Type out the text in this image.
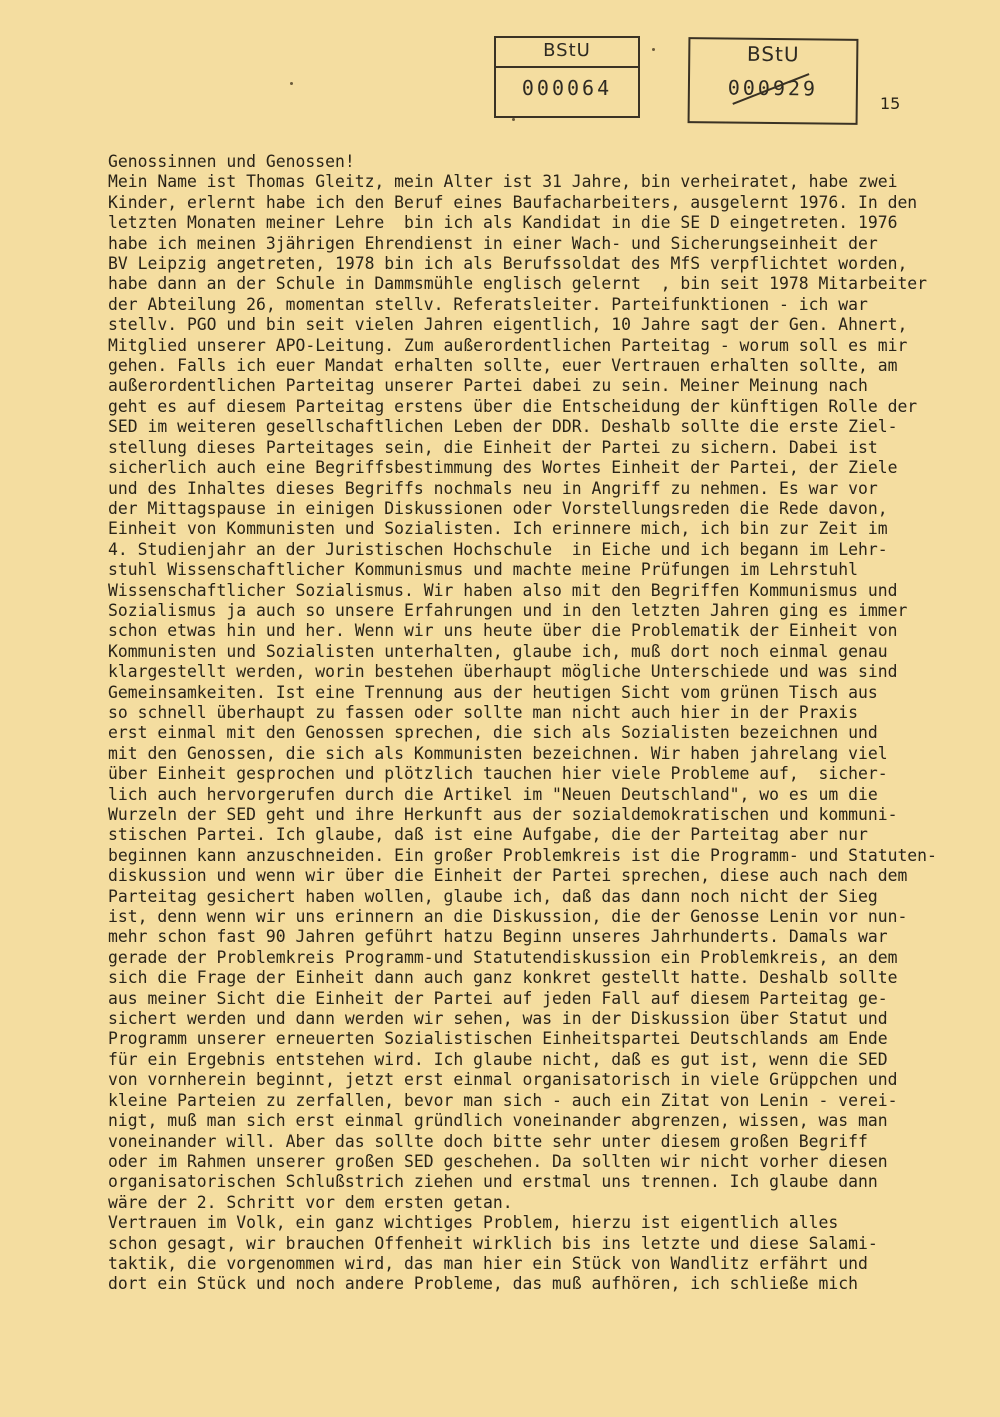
BStU
000064
BStU
000929
15
Genossinnen und Genossen!
Mein Name ist Thomas Gleitz, mein Alter ist 31 Jahre, bin verheiratet, habe zwei
Kinder, erlernt habe ich den Beruf eines Baufacharbeiters, ausgelernt 1976. In den
letzten Monaten meiner Lehre  bin ich als Kandidat in die SE D eingetreten. 1976
habe ich meinen 3jährigen Ehrendienst in einer Wach- und Sicherungseinheit der
BV Leipzig angetreten, 1978 bin ich als Berufssoldat des MfS verpflichtet worden,
habe dann an der Schule in Dammsmühle englisch gelernt  , bin seit 1978 Mitarbeiter
der Abteilung 26, momentan stellv. Referatsleiter. Parteifunktionen - ich war
stellv. PGO und bin seit vielen Jahren eigentlich, 10 Jahre sagt der Gen. Ahnert,
Mitglied unserer APO-Leitung. Zum außerordentlichen Parteitag - worum soll es mir
gehen. Falls ich euer Mandat erhalten sollte, euer Vertrauen erhalten sollte, am
außerordentlichen Parteitag unserer Partei dabei zu sein. Meiner Meinung nach
geht es auf diesem Parteitag erstens über die Entscheidung der künftigen Rolle der
SED im weiteren gesellschaftlichen Leben der DDR. Deshalb sollte die erste Ziel-
stellung dieses Parteitages sein, die Einheit der Partei zu sichern. Dabei ist
sicherlich auch eine Begriffsbestimmung des Wortes Einheit der Partei, der Ziele
und des Inhaltes dieses Begriffs nochmals neu in Angriff zu nehmen. Es war vor
der Mittagspause in einigen Diskussionen oder Vorstellungsreden die Rede davon,
Einheit von Kommunisten und Sozialisten. Ich erinnere mich, ich bin zur Zeit im
4. Studienjahr an der Juristischen Hochschule  in Eiche und ich begann im Lehr-
stuhl Wissenschaftlicher Kommunismus und machte meine Prüfungen im Lehrstuhl
Wissenschaftlicher Sozialismus. Wir haben also mit den Begriffen Kommunismus und
Sozialismus ja auch so unsere Erfahrungen und in den letzten Jahren ging es immer
schon etwas hin und her. Wenn wir uns heute über die Problematik der Einheit von
Kommunisten und Sozialisten unterhalten, glaube ich, muß dort noch einmal genau
klargestellt werden, worin bestehen überhaupt mögliche Unterschiede und was sind
Gemeinsamkeiten. Ist eine Trennung aus der heutigen Sicht vom grünen Tisch aus
so schnell überhaupt zu fassen oder sollte man nicht auch hier in der Praxis
erst einmal mit den Genossen sprechen, die sich als Sozialisten bezeichnen und
mit den Genossen, die sich als Kommunisten bezeichnen. Wir haben jahrelang viel
über Einheit gesprochen und plötzlich tauchen hier viele Probleme auf,  sicher-
lich auch hervorgerufen durch die Artikel im "Neuen Deutschland", wo es um die
Wurzeln der SED geht und ihre Herkunft aus der sozialdemokratischen und kommuni-
stischen Partei. Ich glaube, daß ist eine Aufgabe, die der Parteitag aber nur
beginnen kann anzuschneiden. Ein großer Problemkreis ist die Programm- und Statuten-
diskussion und wenn wir über die Einheit der Partei sprechen, diese auch nach dem
Parteitag gesichert haben wollen, glaube ich, daß das dann noch nicht der Sieg
ist, denn wenn wir uns erinnern an die Diskussion, die der Genosse Lenin vor nun-
mehr schon fast 90 Jahren geführt hatzu Beginn unseres Jahrhunderts. Damals war
gerade der Problemkreis Programm-und Statutendiskussion ein Problemkreis, an dem
sich die Frage der Einheit dann auch ganz konkret gestellt hatte. Deshalb sollte
aus meiner Sicht die Einheit der Partei auf jeden Fall auf diesem Parteitag ge-
sichert werden und dann werden wir sehen, was in der Diskussion über Statut und
Programm unserer erneuerten Sozialistischen Einheitspartei Deutschlands am Ende
für ein Ergebnis entstehen wird. Ich glaube nicht, daß es gut ist, wenn die SED
von vornherein beginnt, jetzt erst einmal organisatorisch in viele Grüppchen und
kleine Parteien zu zerfallen, bevor man sich - auch ein Zitat von Lenin - verei-
nigt, muß man sich erst einmal gründlich voneinander abgrenzen, wissen, was man
voneinander will. Aber das sollte doch bitte sehr unter diesem großen Begriff
oder im Rahmen unserer großen SED geschehen. Da sollten wir nicht vorher diesen
organisatorischen Schlußstrich ziehen und erstmal uns trennen. Ich glaube dann
wäre der 2. Schritt vor dem ersten getan.
Vertrauen im Volk, ein ganz wichtiges Problem, hierzu ist eigentlich alles
schon gesagt, wir brauchen Offenheit wirklich bis ins letzte und diese Salami-
taktik, die vorgenommen wird, das man hier ein Stück von Wandlitz erfährt und
dort ein Stück und noch andere Probleme, das muß aufhören, ich schließe mich
